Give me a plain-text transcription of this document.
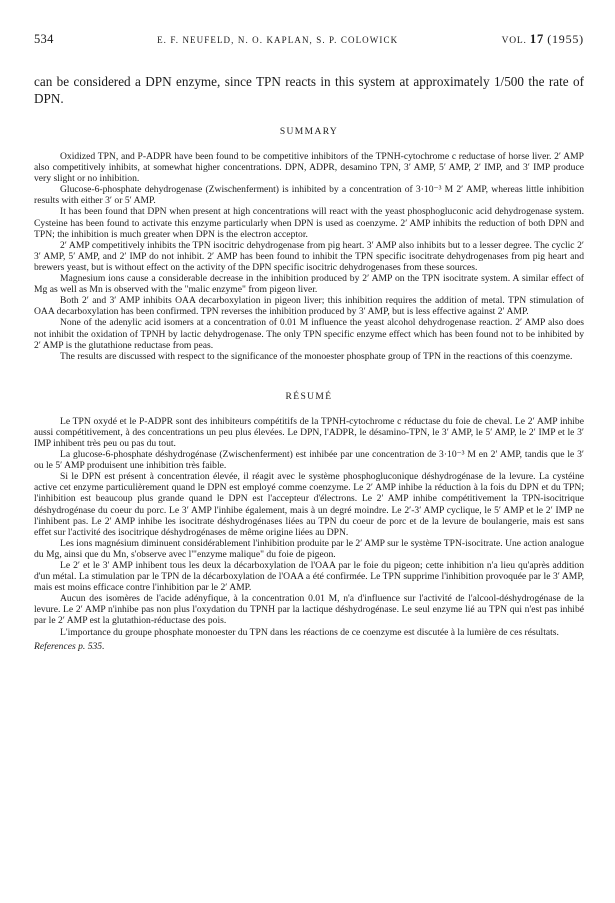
534	E. F. NEUFELD, N. O. KAPLAN, S. P. COLOWICK	VOL. 17 (1955)

can be considered a DPN enzyme, since TPN reacts in this system at approximately 1/500 the rate of DPN.

SUMMARY

Oxidized TPN, and P-ADPR have been found to be competitive inhibitors of the TPNH-cytochrome c reductase of horse liver. 2′ AMP also competitively inhibits, at somewhat higher concentrations. DPN, ADPR, desamino TPN, 3′ AMP, 5′ AMP, 2′ IMP, and 3′ IMP produce very slight or no inhibition.

Glucose-6-phosphate dehydrogenase (Zwischenferment) is inhibited by a concentration of 3·10⁻³ M 2′ AMP, whereas little inhibition results with either 3′ or 5′ AMP.

It has been found that DPN when present at high concentrations will react with the yeast phosphogluconic acid dehydrogenase system. Cysteine has been found to activate this enzyme particularly when DPN is used as coenzyme. 2′ AMP inhibits the reduction of both DPN and TPN; the inhibition is much greater when DPN is the electron acceptor.

2′ AMP competitively inhibits the TPN isocitric dehydrogenase from pig heart. 3′ AMP also inhibits but to a lesser degree. The cyclic 2′ 3′ AMP, 5′ AMP, and 2′ IMP do not inhibit. 2′ AMP has been found to inhibit the TPN specific isocitrate dehydrogenases from pig heart and brewers yeast, but is without effect on the activity of the DPN specific isocitric dehydrogenases from these sources.

Magnesium ions cause a considerable decrease in the inhibition produced by 2′ AMP on the TPN isocitrate system. A similar effect of Mg as well as Mn is observed with the "malic enzyme" from pigeon liver.

Both 2′ and 3′ AMP inhibits OAA decarboxylation in pigeon liver; this inhibition requires the addition of metal. TPN stimulation of OAA decarboxylation has been confirmed. TPN reverses the inhibition produced by 3′ AMP, but is less effective against 2′ AMP.

None of the adenylic acid isomers at a concentration of 0.01 M influence the yeast alcohol dehydrogenase reaction. 2′ AMP also does not inhibit the oxidation of TPNH by lactic dehydrogenase. The only TPN specific enzyme effect which has been found not to be inhibited by 2′ AMP is the glutathione reductase from peas.

The results are discussed with respect to the significance of the monoester phosphate group of TPN in the reactions of this coenzyme.

RÉSUMÉ

Le TPN oxydé et le P-ADPR sont des inhibiteurs compétitifs de la TPNH-cytochrome c réductase du foie de cheval. Le 2′ AMP inhibe aussi compétitivement, à des concentrations un peu plus élevées. Le DPN, l'ADPR, le désamino-TPN, le 3′ AMP, le 5′ AMP, le 2′ IMP et le 3′ IMP inhibent très peu ou pas du tout.

La glucose-6-phosphate déshydrogénase (Zwischenferment) est inhibée par une concentration de 3·10⁻³ M en 2′ AMP, tandis que le 3′ ou le 5′ AMP produisent une inhibition très faible.

Si le DPN est présent à concentration élevée, il réagit avec le système phosphogluconique déshydrogénase de la levure. La cystéine active cet enzyme particulièrement quand le DPN est employé comme coenzyme. Le 2′ AMP inhibe la réduction à la fois du DPN et du TPN; l'inhibition est beaucoup plus grande quand le DPN est l'accepteur d'électrons. Le 2′ AMP inhibe compétitivement la TPN-isocitrique déshydrogénase du coeur du porc. Le 3′ AMP l'inhibe également, mais à un degré moindre. Le 2′-3′ AMP cyclique, le 5′ AMP et le 2′ IMP ne l'inhibent pas. Le 2′ AMP inhibe les isocitrate déshydrogénases liées au TPN du coeur de porc et de la levure de boulangerie, mais est sans effet sur l'activité des isocitrique déshydrogénases de même origine liées au DPN.

Les ions magnésium diminuent considérablement l'inhibition produite par le 2′ AMP sur le système TPN-isocitrate. Une action analogue du Mg, ainsi que du Mn, s'observe avec l'"enzyme malique" du foie de pigeon.

Le 2′ et le 3′ AMP inhibent tous les deux la décarboxylation de l'OAA par le foie du pigeon; cette inhibition n'a lieu qu'après addition d'un métal. La stimulation par le TPN de la décarboxylation de l'OAA a été confirmée. Le TPN supprime l'inhibition provoquée par le 3′ AMP, mais est moins efficace contre l'inhibition par le 2′ AMP.

Aucun des isomères de l'acide adényfique, à la concentration 0.01 M, n'a d'influence sur l'activité de l'alcool-déshydrogénase de la levure. Le 2′ AMP n'inhibe pas non plus l'oxydation du TPNH par la lactique déshydrogénase. Le seul enzyme lié au TPN qui n'est pas inhibé par le 2′ AMP est la glutathion-réductase des pois.

L'importance du groupe phosphate monoester du TPN dans les réactions de ce coenzyme est discutée à la lumière de ces résultats.

References p. 535.
